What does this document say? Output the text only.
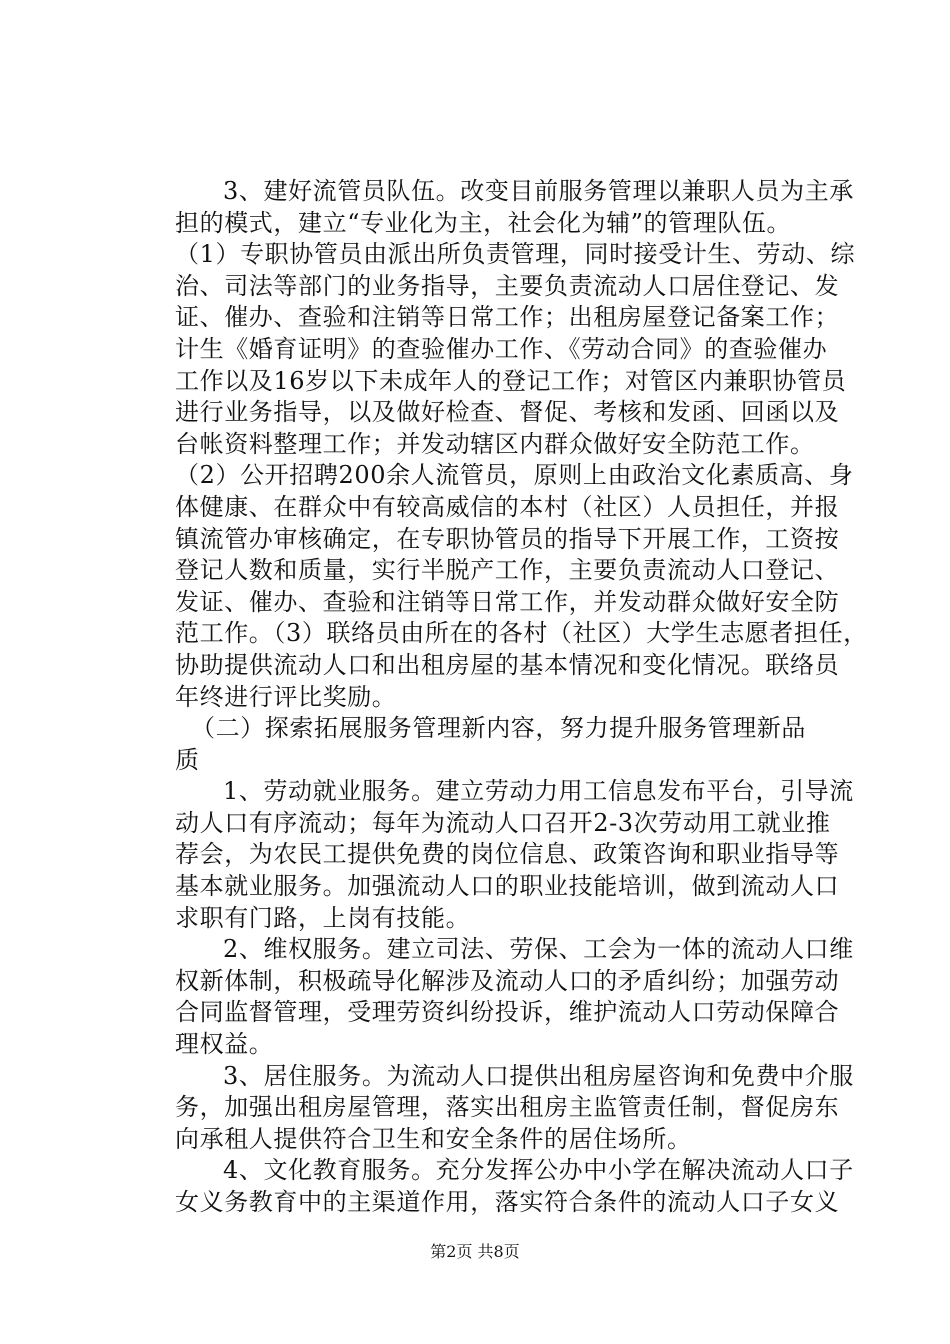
3、建好流管员队伍。改变目前服务管理以兼职人员为主承
担的模式，建立“专业化为主，社会化为辅”的管理队伍。
（1）专职协管员由派出所负责管理，同时接受计生、劳动、综
治、司法等部门的业务指导，主要负责流动人口居住登记、发
证、催办、查验和注销等日常工作；出租房屋登记备案工作；
计生《婚育证明》的查验催办工作、《劳动合同》的查验催办
工作以及16岁以下未成年人的登记工作；对管区内兼职协管员
进行业务指导，以及做好检查、督促、考核和发函、回函以及
台帐资料整理工作；并发动辖区内群众做好安全防范工作。
（2）公开招聘200余人流管员，原则上由政治文化素质高、身
体健康、在群众中有较高威信的本村（社区）人员担任，并报
镇流管办审核确定，在专职协管员的指导下开展工作，工资按
登记人数和质量，实行半脱产工作，主要负责流动人口登记、
发证、催办、查验和注销等日常工作，并发动群众做好安全防
范工作。（3）联络员由所在的各村（社区）大学生志愿者担任，
协助提供流动人口和出租房屋的基本情况和变化情况。联络员
年终进行评比奖励。
（二）探索拓展服务管理新内容，努力提升服务管理新品
质
1、劳动就业服务。建立劳动力用工信息发布平台，引导流
动人口有序流动；每年为流动人口召开2-3次劳动用工就业推
荐会，为农民工提供免费的岗位信息、政策咨询和职业指导等
基本就业服务。加强流动人口的职业技能培训，做到流动人口
求职有门路，上岗有技能。
2、维权服务。建立司法、劳保、工会为一体的流动人口维
权新体制，积极疏导化解涉及流动人口的矛盾纠纷；加强劳动
合同监督管理，受理劳资纠纷投诉，维护流动人口劳动保障合
理权益。
3、居住服务。为流动人口提供出租房屋咨询和免费中介服
务，加强出租房屋管理，落实出租房主监管责任制，督促房东
向承租人提供符合卫生和安全条件的居住场所。
4、文化教育服务。充分发挥公办中小学在解决流动人口子
女义务教育中的主渠道作用，落实符合条件的流动人口子女义
第2页 共8页
